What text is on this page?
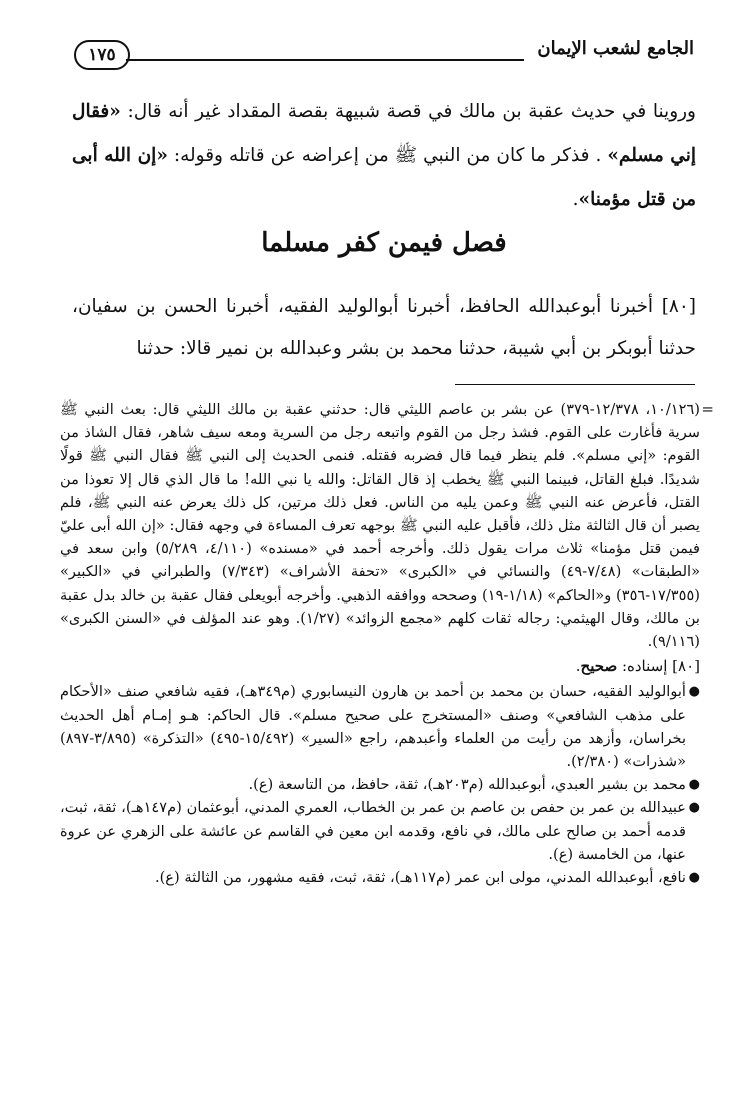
الجامع لشعب الإيمان
١٧٥

وروينا في حديث عقبة بن مالك في قصة شبيهة بقصة المقداد غير أنه قال: «فقال إني مسلم» . فذكر ما كان من النبي ﷺ من إعراضه عن قاتله وقوله: «إن الله أبى من قتل مؤمنا».

فصل فيمن كفر مسلما

[٨٠] أخبرنا أبوعبدالله الحافظ، أخبرنا أبوالوليد الفقيه، أخبرنا الحسن بن سفيان، حدثنا أبوبكر بن أبي شيبة، حدثنا محمد بن بشر وعبدالله بن نمير قالا: حدثنا

=

(١٠/١٢٦، ١٢/٣٧٨-٣٧٩) عن بشر بن عاصم الليثي قال: حدثني عقبة بن مالك الليثي قال: بعث النبي ﷺ سرية فأغارت على القوم. فشذ رجل من القوم واتبعه رجل من السرية ومعه سيف شاهر، فقال الشاذ من القوم: «إني مسلم». فلم ينظر فيما قال فضربه فقتله. فنمى الحديث إلى النبي ﷺ فقال النبي ﷺ قولًا شديدًا. فبلغ القاتل، فبينما النبي ﷺ يخطب إذ قال القاتل: والله يا نبي الله! ما قال الذي قال إلا تعوذا من القتل، فأعرض عنه النبي ﷺ وعمن يليه من الناس. فعل ذلك مرتين، كل ذلك يعرض عنه النبي ﷺ، فلم يصبر أن قال الثالثة مثل ذلك، فأقبل عليه النبي ﷺ بوجهه تعرف المساءة في وجهه فقال: «إن الله أبى عليّ فيمن قتل مؤمنا» ثلاث مرات يقول ذلك. وأخرجه أحمد في «مسنده» (٤/١١٠، ٥/٢٨٩) وابن سعد في «الطبقات» (٧/٤٨-٤٩) والنسائي في «الكبرى» «تحفة الأشراف» (٧/٣٤٣) والطبراني في «الكبير» (١٧/٣٥٥-٣٥٦) و«الحاكم» (١/١٨-١٩) وصححه ووافقه الذهبي. وأخرجه أبويعلى فقال عقبة بن خالد بدل عقبة بن مالك، وقال الهيثمي: رجاله ثقات كلهم «مجمع الزوائد» (١/٢٧). وهو عند المؤلف في «السنن الكبرى» (٩/١١٦).

[٨٠] إسناده: صحيح.

●
أبوالوليد الفقيه، حسان بن محمد بن أحمد بن هارون النيسابوري (م٣٤٩هـ)، فقيه شافعي صنف «الأحكام على مذهب الشافعي» وصنف «المستخرج على صحيح مسلم». قال الحاكم: هـو إمـام أهل الحديث بخراسان، وأزهد من رأيت من العلماء وأعبدهم، راجع «السير» (١٥/٤٩٢-٤٩٥) «التذكرة» (٣/٨٩٥-٨٩٧) «شذرات» (٢/٣٨٠).
●
محمد بن بشير العبدي، أبوعبدالله (م٢٠٣هـ)، ثقة، حافظ، من التاسعة (ع).
●
عبيدالله بن عمر بن حفص بن عاصم بن عمر بن الخطاب، العمري المدني، أبوعثمان (م١٤٧هـ)، ثقة، ثبت، قدمه أحمد بن صالح على مالك، في نافع، وقدمه ابن معين في القاسم عن عائشة على الزهري عن عروة عنها، من الخامسة (ع).
●
نافع، أبوعبدالله المدني، مولى ابن عمر (م١١٧هـ)، ثقة، ثبت، فقيه مشهور، من الثالثة (ع).
